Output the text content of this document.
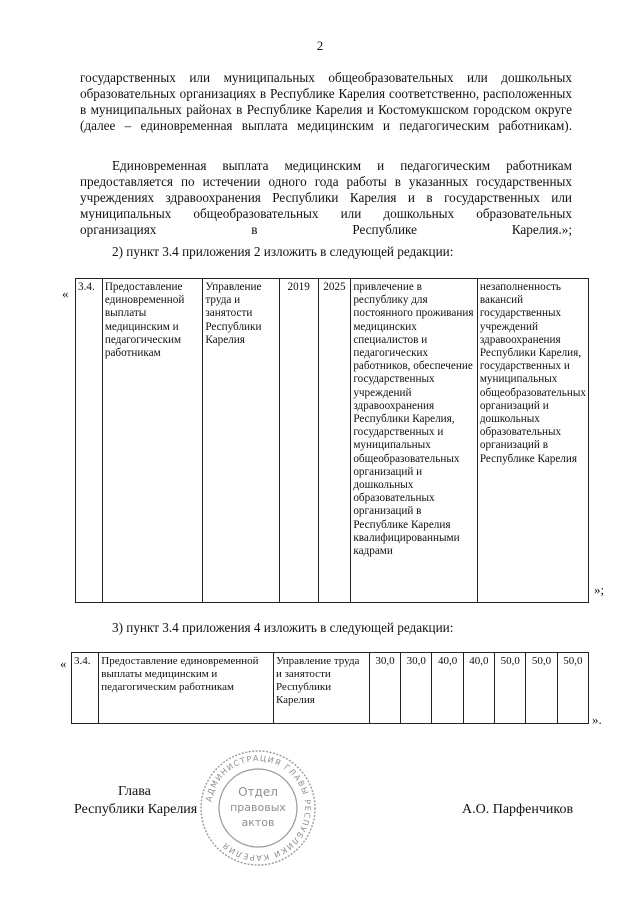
2
государственных или муниципальных общеобразовательных или дошкольных образовательных организациях в Республике Карелия соответственно, расположенных в муниципальных районах в Республике Карелия и Костомукшском городском округе (далее – единовременная выплата медицинским и педагогическим работникам).
Единовременная выплата медицинским и педагогическим работникам предоставляется по истечении одного года работы в указанных государственных учреждениях здравоохранения Республики Карелия и в государственных или муниципальных общеобразовательных или дошкольных образовательных организациях в Республике Карелия.»;
2) пункт 3.4 приложения 2 изложить в следующей редакции:
« 3.4.	Предоставление единовременной выплаты медицинским и педагогическим работникам	Управление труда и занятости Республики Карелия	2019	2025	привлечение в республику для постоянного проживания медицинских специалистов и педагогических работников, обеспечение государственных учреждений здравоохранения Республики Карелия, государственных и муниципальных общеобразовательных организаций и дошкольных образовательных организаций в Республике Карелия квалифицированными кадрами	незаполненность вакансий государственных учреждений здравоохранения Республики Карелия, государственных и муниципальных общеобразовательных организаций и дошкольных образовательных организаций в Республике Карелия
»;
3) пункт 3.4 приложения 4 изложить в следующей редакции:
« 3.4.	Предоставление единовременной выплаты медицинским и педагогическим работникам	Управление труда и занятости Республики Карелия	30,0	30,0	40,0	40,0	50,0	50,0	50,0
».
Глава
Республики Карелия	А.О. Парфенчиков
АДМИНИСТРАЦИЯ ГЛАВЫ РЕСПУБЛИКИ КАРЕЛИЯ
Отдел
правовых
актов
